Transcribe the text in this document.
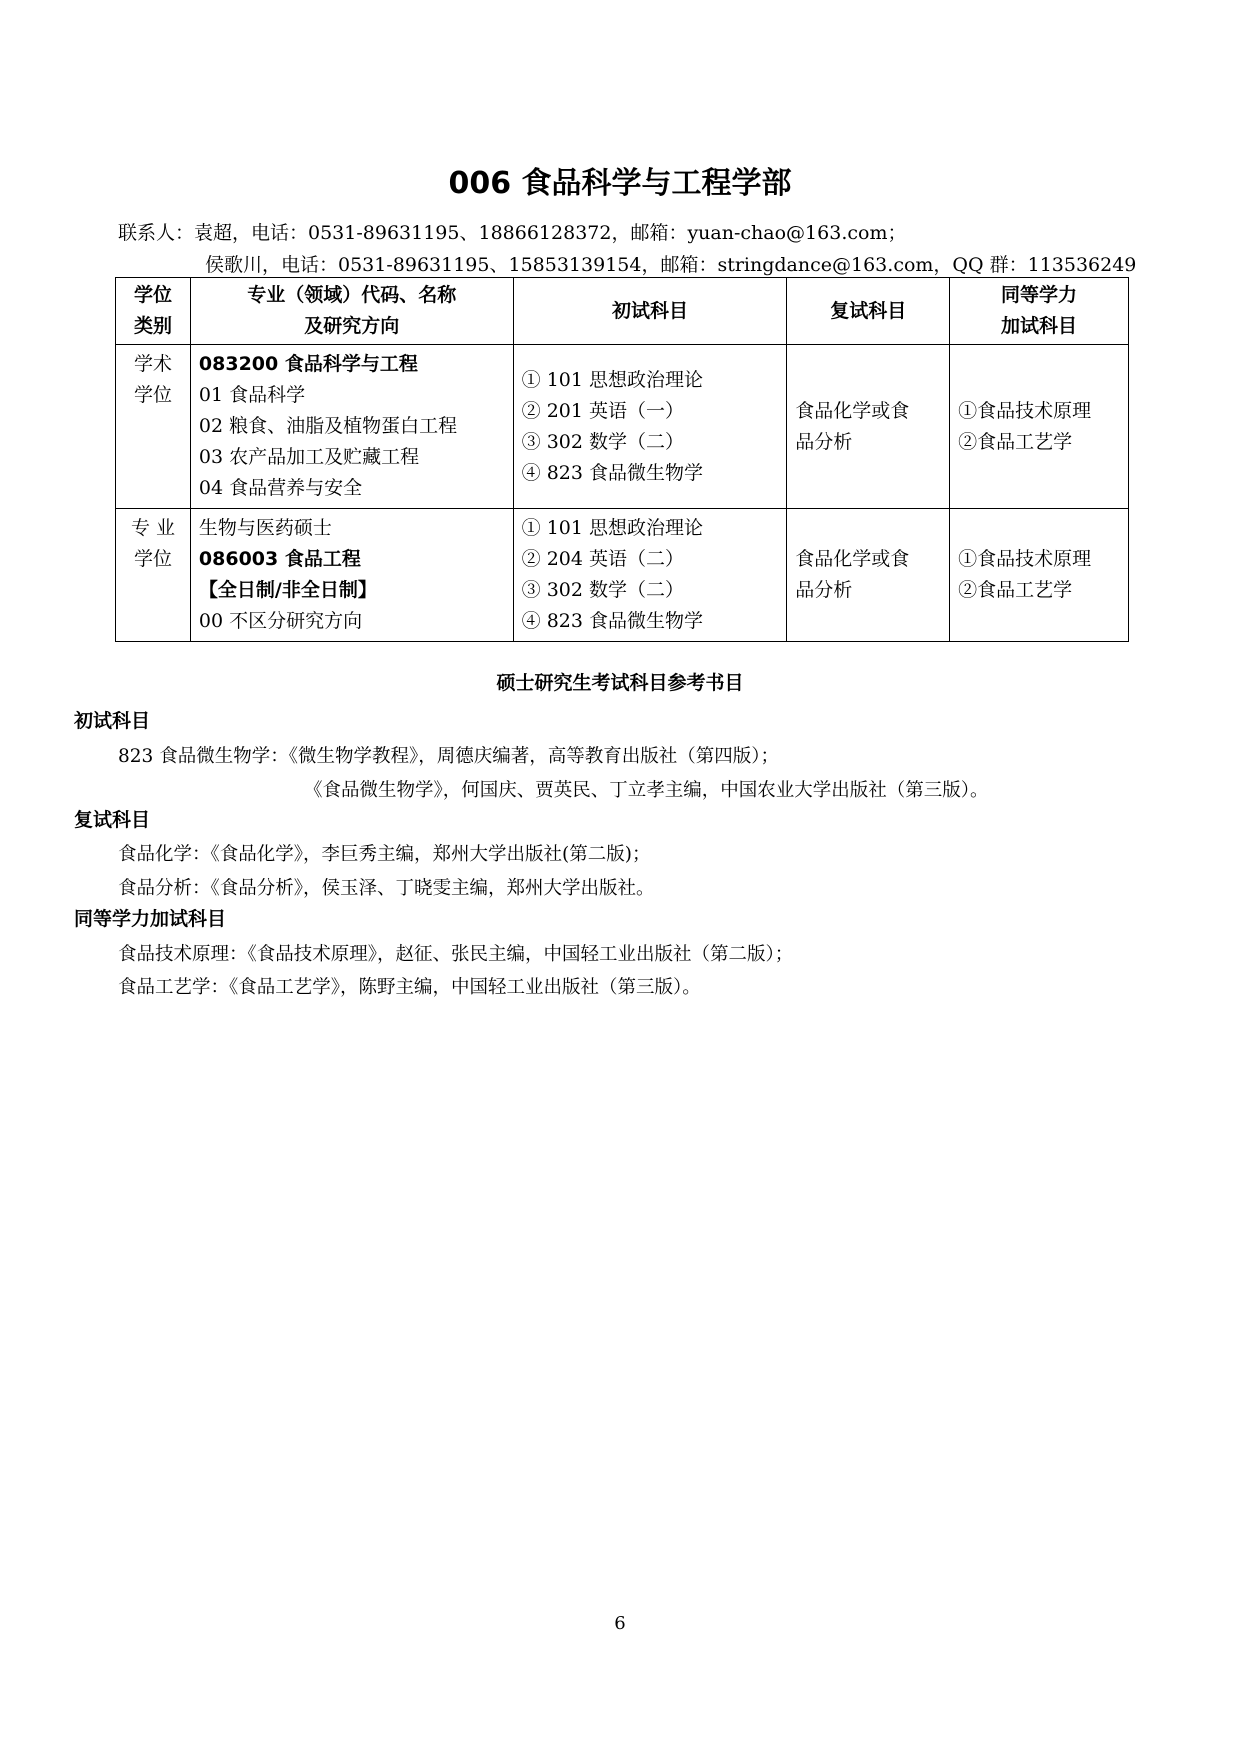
006 食品科学与工程学部
联系人：袁超，电话：0531-89631195、18866128372，邮箱：yuan-chao@163.com；
侯歌川，电话：0531-89631195、15853139154，邮箱：stringdance@163.com，QQ 群：113536249
学位
类别	专业（领域）代码、名称
及研究方向	初试科目	复试科目	同等学力
加试科目

学术
学位	083200 食品科学与工程
01 食品科学
02 粮食、油脂及植物蛋白工程
03 农产品加工及贮藏工程
04 食品营养与安全	① 101 思想政治理论
② 201 英语（一）
③ 302 数学（二）
④ 823 食品微生物学	食品化学或食
品分析	①食品技术原理
②食品工艺学

专 业
学位	生物与医药硕士
086003 食品工程
【全日制/非全日制】
00 不区分研究方向	① 101 思想政治理论
② 204 英语（二）
③ 302 数学（二）
④ 823 食品微生物学	食品化学或食
品分析	①食品技术原理
②食品工艺学
硕士研究生考试科目参考书目
初试科目
823 食品微生物学：《微生物学教程》，周德庆编著，高等教育出版社（第四版）；
《食品微生物学》，何国庆、贾英民、丁立孝主编，中国农业大学出版社（第三版）。
复试科目
食品化学：《食品化学》，李巨秀主编，郑州大学出版社(第二版)；
食品分析：《食品分析》，侯玉泽、丁晓雯主编，郑州大学出版社。
同等学力加试科目
食品技术原理：《食品技术原理》，赵征、张民主编，中国轻工业出版社（第二版）；
食品工艺学：《食品工艺学》，陈野主编，中国轻工业出版社（第三版）。
6
